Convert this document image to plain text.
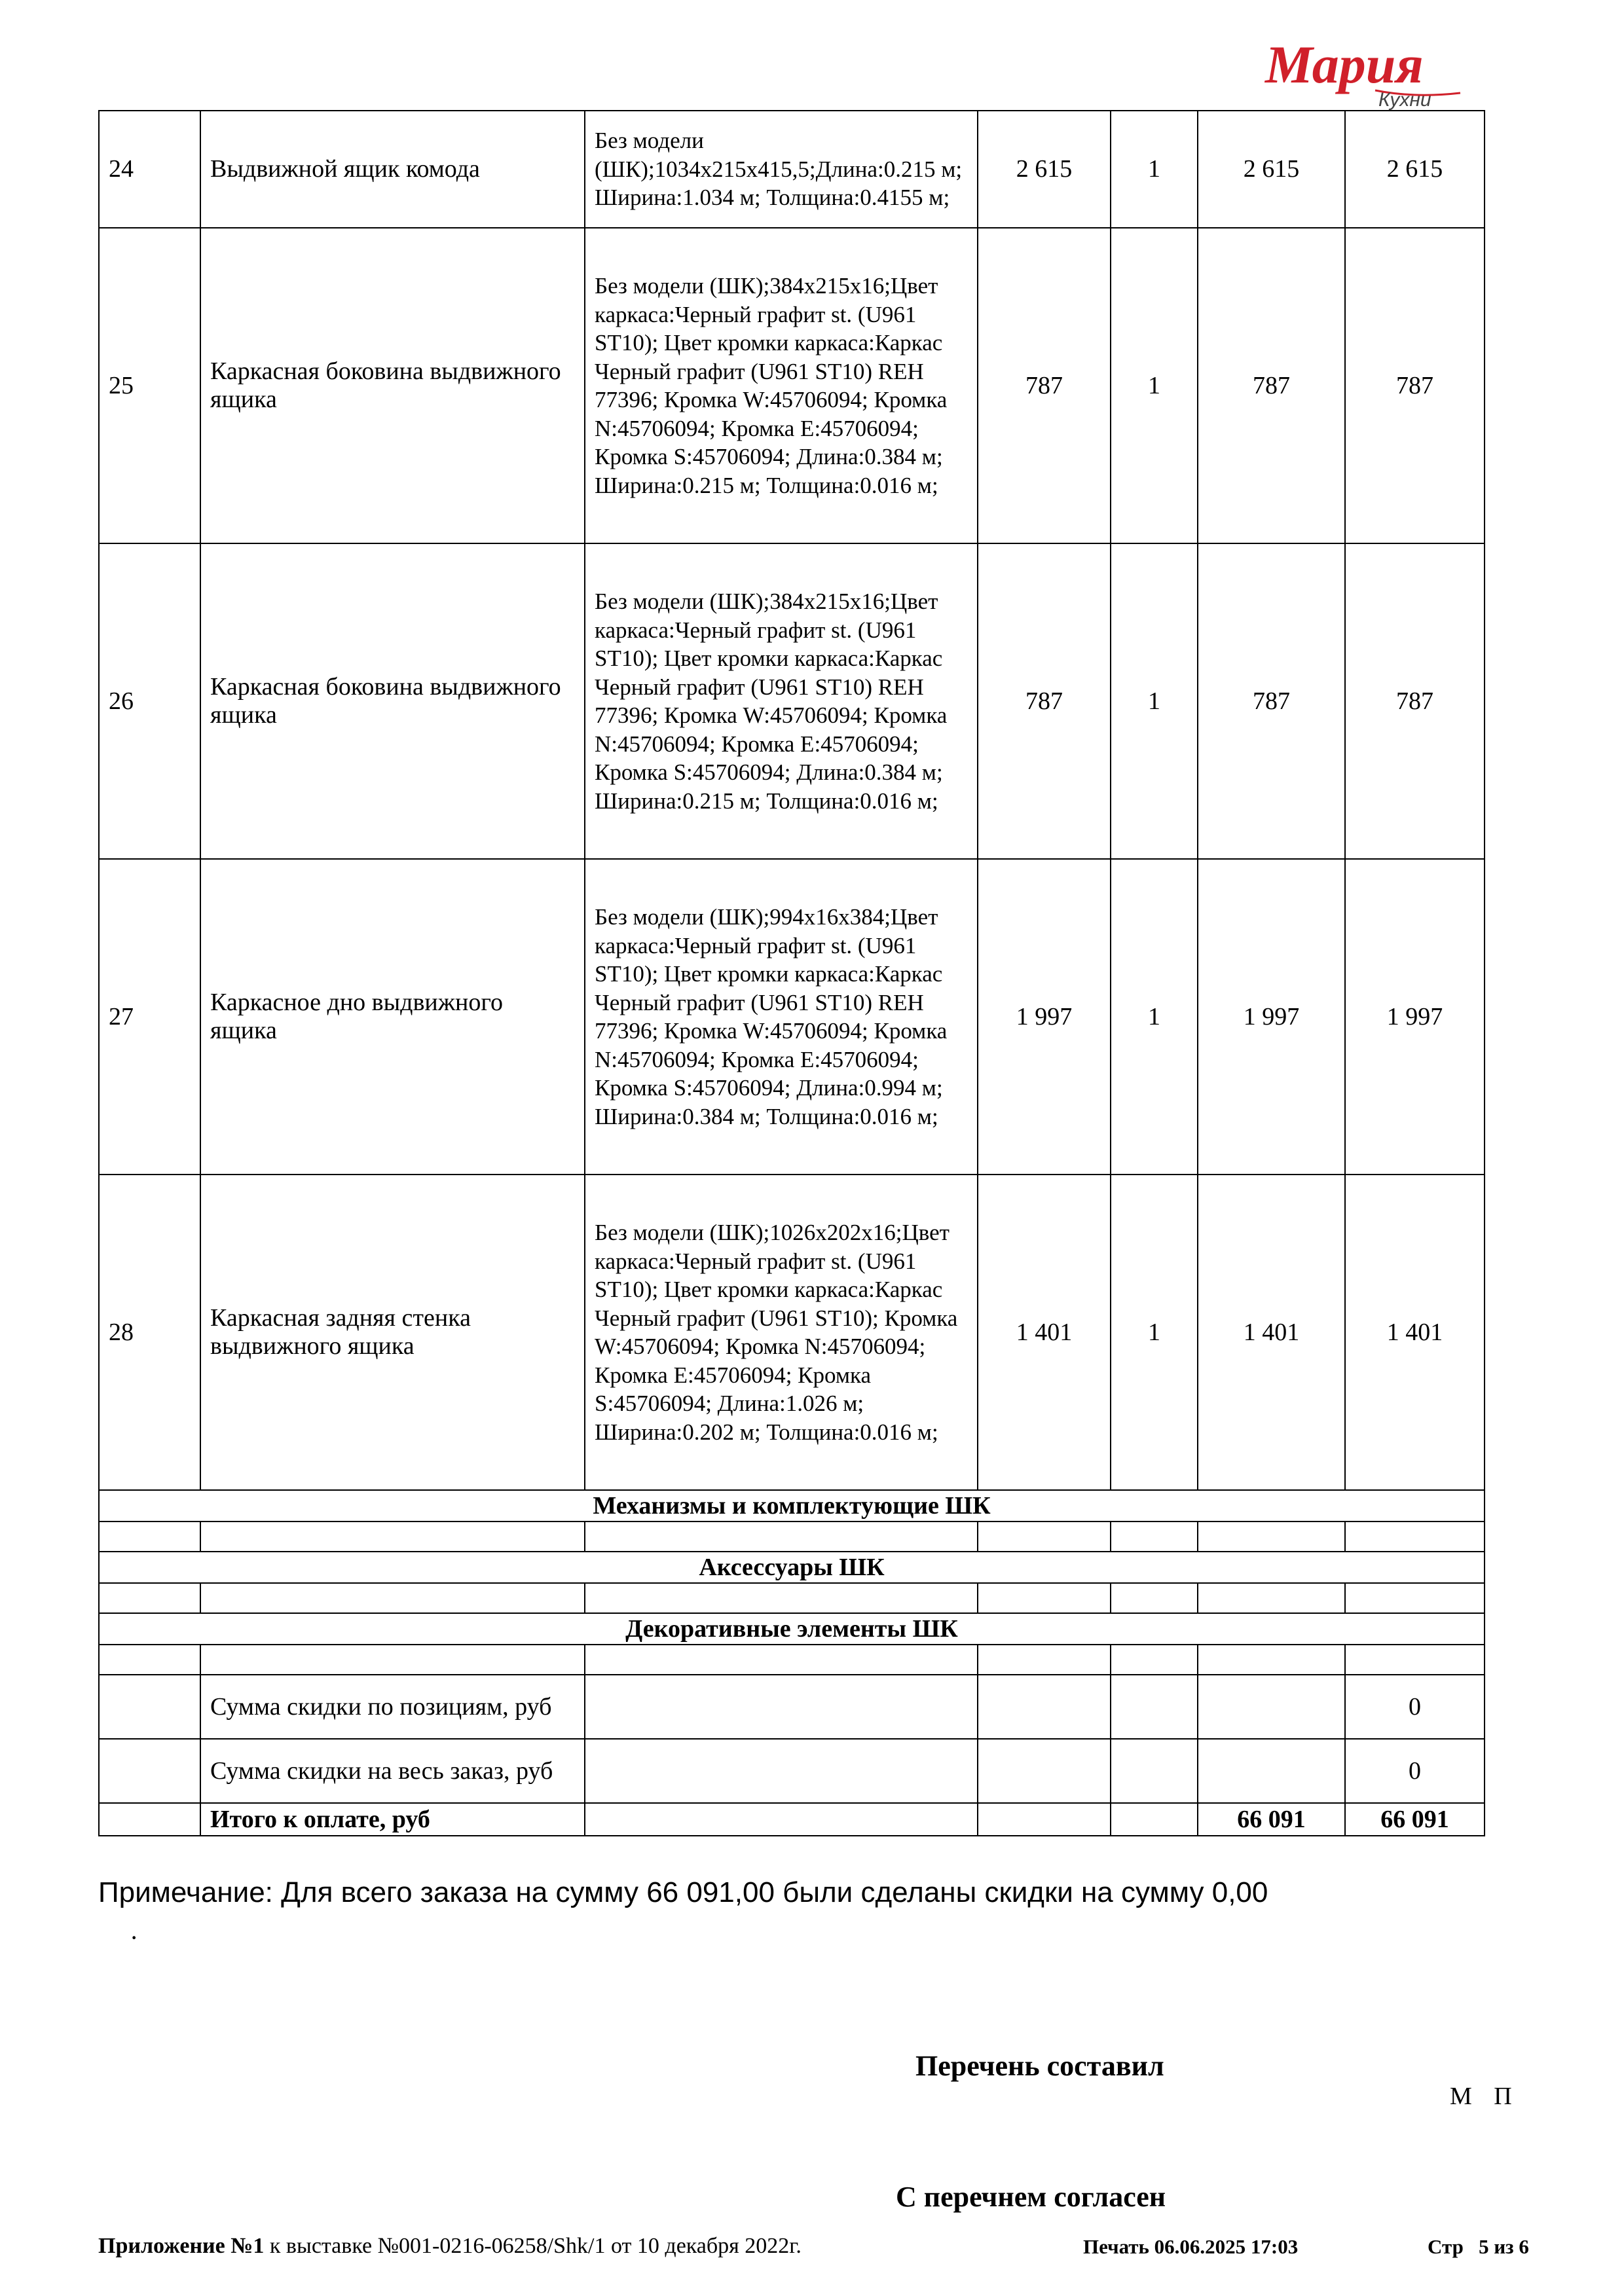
Мария
Кухни
24	Выдвижной ящик комода	Без модели (ШК);1034х215х415,5;Длина:0.215 м; Ширина:1.034 м; Толщина:0.4155 м;	2 615	1	2 615	2 615
25	Каркасная боковина выдвижного ящика	Без модели (ШК);384х215х16;Цвет каркаса:Черный графит st. (U961 ST10); Цвет кромки каркаса:Каркас Черный графит (U961 ST10) REH 77396; Кромка W:45706094; Кромка N:45706094; Кромка E:45706094; Кромка S:45706094; Длина:0.384 м; Ширина:0.215 м; Толщина:0.016 м;	787	1	787	787
26	Каркасная боковина выдвижного ящика	Без модели (ШК);384х215х16;Цвет каркаса:Черный графит st. (U961 ST10); Цвет кромки каркаса:Каркас Черный графит (U961 ST10) REH 77396; Кромка W:45706094; Кромка N:45706094; Кромка E:45706094; Кромка S:45706094; Длина:0.384 м; Ширина:0.215 м; Толщина:0.016 м;	787	1	787	787
27	Каркасное дно выдвижного ящика	Без модели (ШК);994х16х384;Цвет каркаса:Черный графит st. (U961 ST10); Цвет кромки каркаса:Каркас Черный графит (U961 ST10) REH 77396; Кромка W:45706094; Кромка N:45706094; Кромка E:45706094; Кромка S:45706094; Длина:0.994 м; Ширина:0.384 м; Толщина:0.016 м;	1 997	1	1 997	1 997
28	Каркасная задняя стенка выдвижного ящика	Без модели (ШК);1026х202х16;Цвет каркаса:Черный графит st. (U961 ST10); Цвет кромки каркаса:Каркас Черный графит (U961 ST10); Кромка W:45706094; Кромка N:45706094; Кромка E:45706094; Кромка S:45706094; Длина:1.026 м; Ширина:0.202 м; Толщина:0.016 м;	1 401	1	1 401	1 401
Механизмы и комплектующие ШК						

Аксессуары ШК						

Декоративные элементы ШК						

	Сумма скидки по позициям, руб					0
	Сумма скидки на весь заказ, руб					0
	Итого к оплате, руб				66 091	66 091
Примечание: Для всего заказа на сумму 66 091,00 были сделаны скидки на сумму 0,00
·
Перечень составил
М П
С перечнем согласен
Приложение №1 к выставке №001-0216-06258/Shk/1 от 10 декабря 2022г.	Печать 06.06.2025 17:03	Стр   5 из 6
